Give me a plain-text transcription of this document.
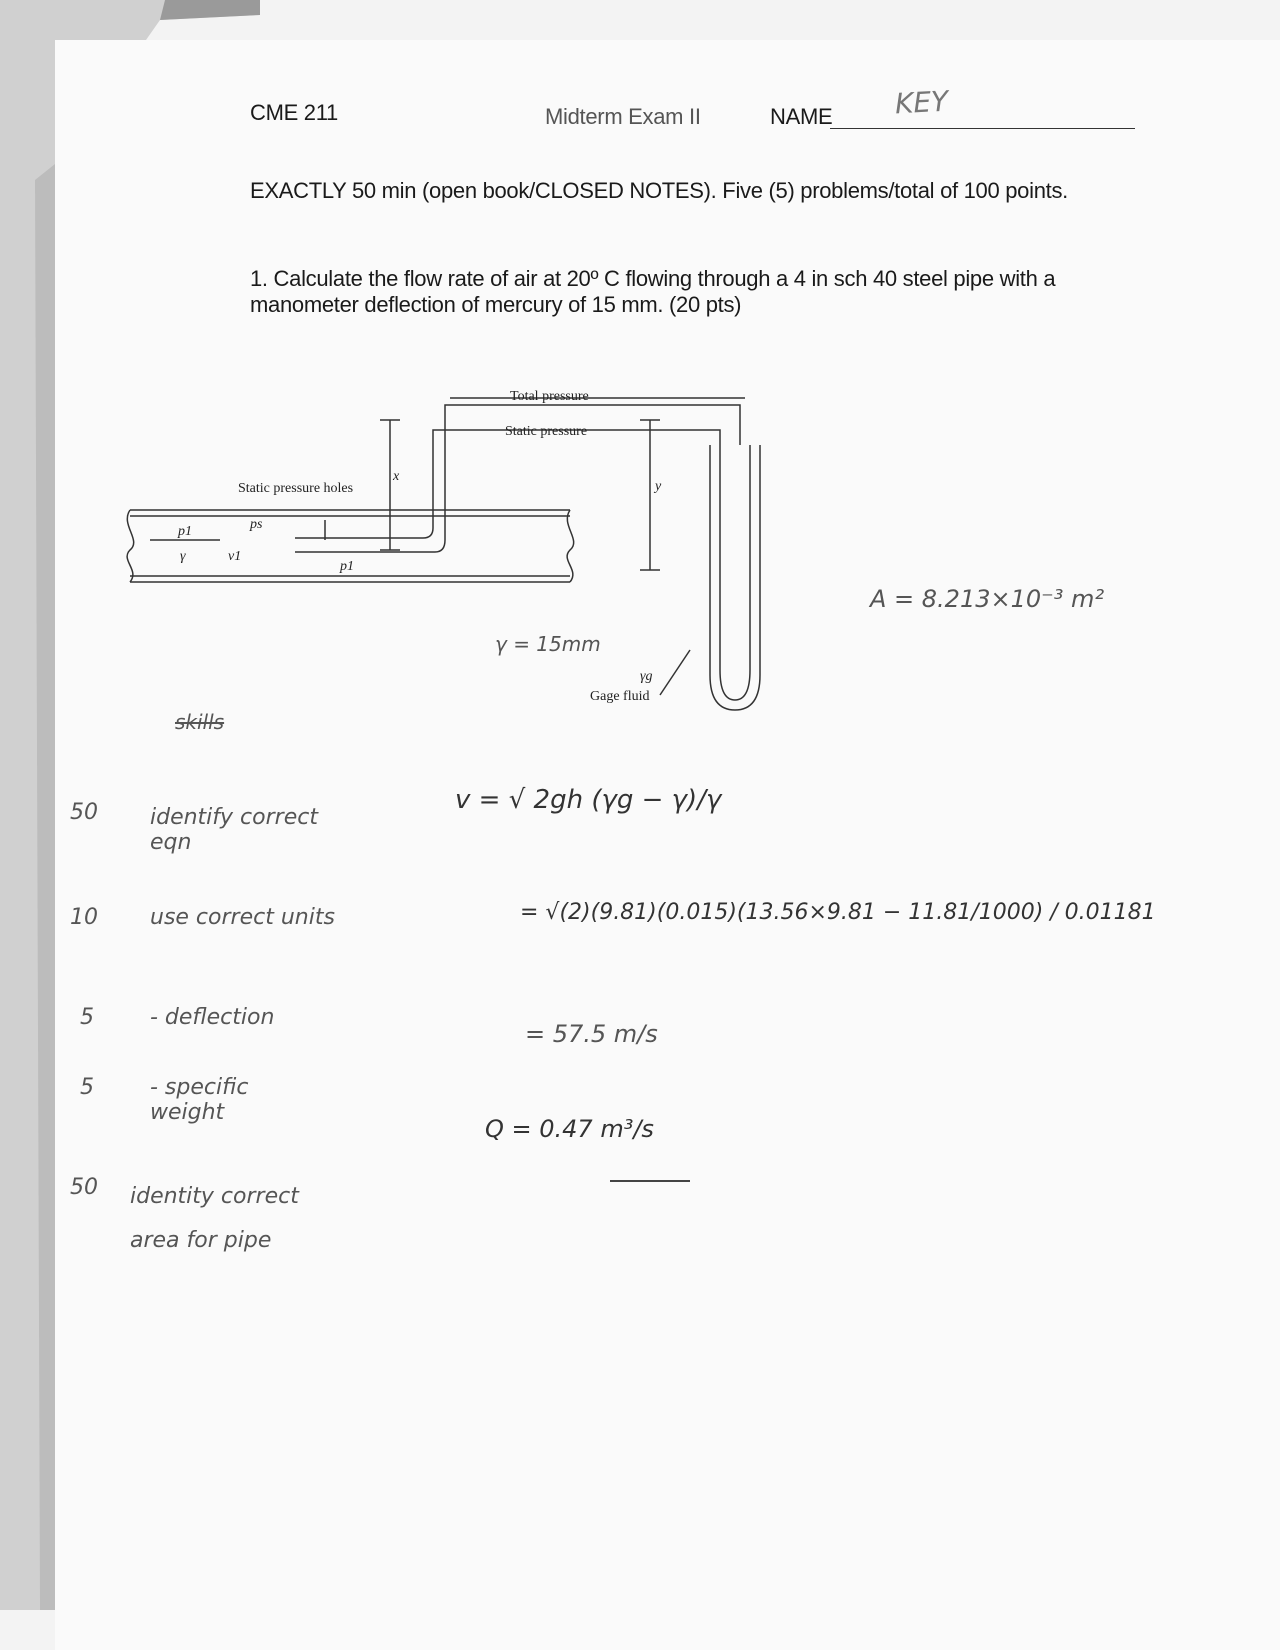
CME 211	Midterm Exam II	NAME KEY
EXACTLY 50 min (open book/CLOSED NOTES). Five (5) problems/total of 100 points.
1. Calculate the flow rate of air at 20º C flowing through a 4 in sch 40 steel pipe with a manometer deflection of mercury of 15 mm. (20 pts)
Total pressure
Static pressure
Static pressure holes
Gage fluid
p1
γ	v1
ps
p1
x
y
γg
A = 8.213×10⁻³ m²
γ = 15mm
skills
v = √ 2gh (γg − γ)/γ
= √(2)(9.81)(0.015)(13.56×9.81 − 11.81/1000) / 0.01181
= 57.5 m/s
Q = 0.47 m³/s
50 identify correct eqn
10 use correct units
5	- deflection
5	- specific weight
50 identity correct area for pipe
